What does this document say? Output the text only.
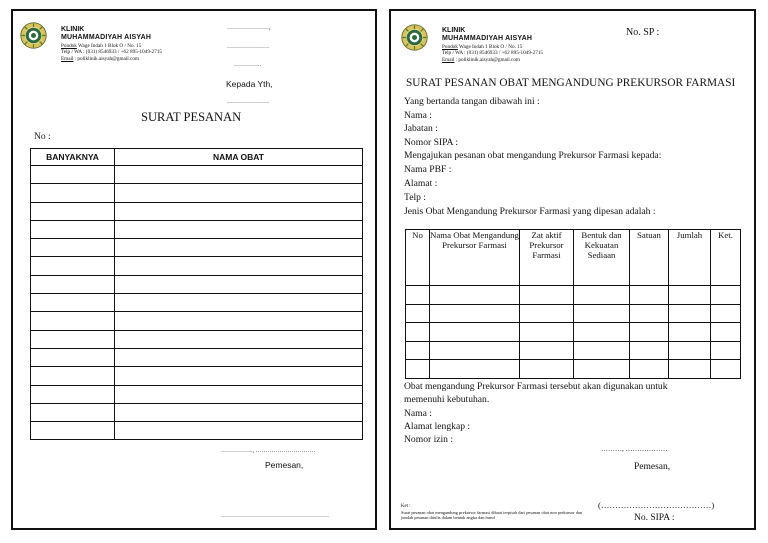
KLINIK
MUHAMMADIYAH AISYAH
Pondok Wage Indah 1 Blok O / No. 15
Telp / WA : (031) 8546933 / +62 895-1049-2715
Email : poliklinik.aisyah@gmail.com
…………………,
…………………
…………..
Kepada Yth,
…………………
SURAT PESANAN
No :
BANYAKNYA	NAMA OBAT

……………., …………………………
Pemesan,
………………………………………………
KLINIK
MUHAMMADIYAH AISYAH
Pondok Wage Indah 1 Blok O / No. 15
Telp / WA : (031) 8546933 / +62 895-1049-2715
Email : poliklinik.aisyah@gmail.com
No. SP :
SURAT PESANAN OBAT MENGANDUNG PREKURSOR FARMASI
Yang bertanda tangan dibawah ini :
Nama :
Jabatan :
Nomor SIPA :
Mengajukan pesanan obat mengandung Prekursor Farmasi kepada:
Nama PBF :
Alamat :
Telp :
Jenis Obat Mengandung Prekursor Farmasi yang dipesan adalah :
No	Nama Obat Mengandung Prekursor Farmasi	Zat aktif Prekursor Farmasi	Bentuk dan Kekuatan Sediaan	Satuan	Jumlah	Ket.

Obat mengandung Prekursor Farmasi tersebut akan digunakan untuk
memenuhi kebutuhan.
Nama :
Alamat lengkap :
Nomor izin :
………, ………………
Pemesan,
(…………………………………)
No. SIPA :
Ket :
Surat pesanan obat mengandung prekursor farmasi dibuat terpisah dari pesanan obat non prekursor dan jumlah pesanan ditulis dalam bentuk angka dan huruf
